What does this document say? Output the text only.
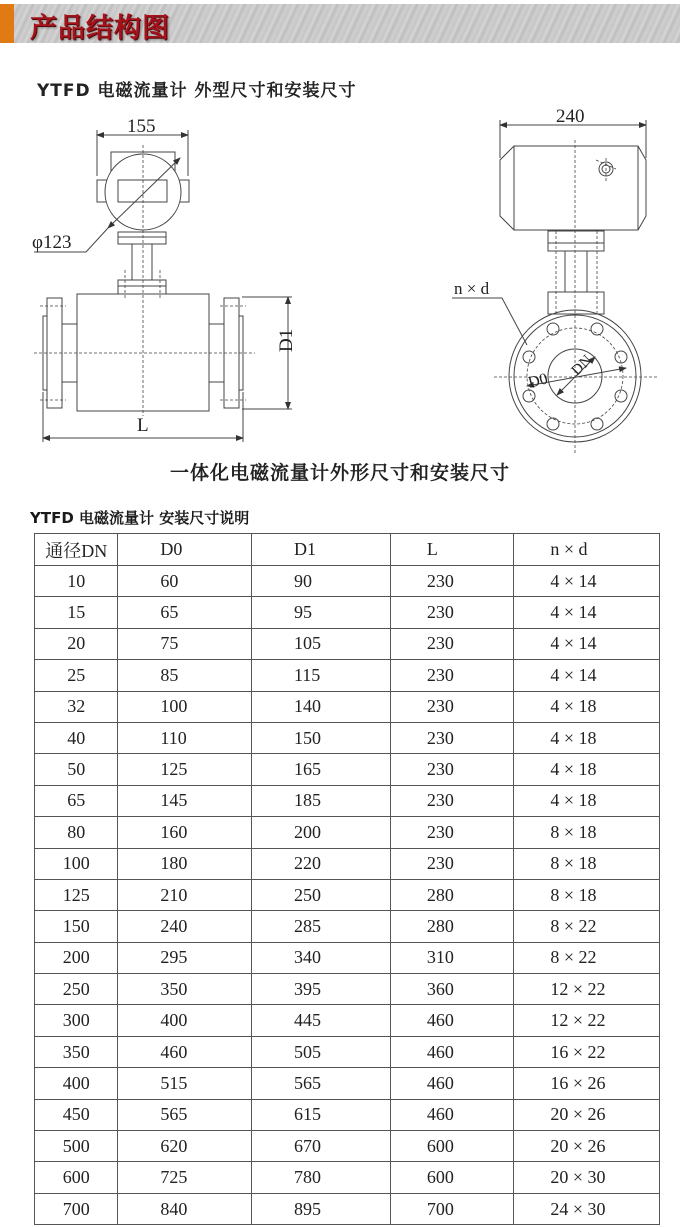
产品结构图
YTFD 电磁流量计 外型尺寸和安装尺寸
155
φ123
D1
L
240
n × d
D0
DN
一体化电磁流量计外形尺寸和安装尺寸
YTFD 电磁流量计 安装尺寸说明
通径DN	D0	D1	L	n × d
10	60	90	230	4 × 14
15	65	95	230	4 × 14
20	75	105	230	4 × 14
25	85	115	230	4 × 14
32	100	140	230	4 × 18
40	110	150	230	4 × 18
50	125	165	230	4 × 18
65	145	185	230	4 × 18
80	160	200	230	8 × 18
100	180	220	230	8 × 18
125	210	250	280	8 × 18
150	240	285	280	8 × 22
200	295	340	310	8 × 22
250	350	395	360	12 × 22
300	400	445	460	12 × 22
350	460	505	460	16 × 22
400	515	565	460	16 × 26
450	565	615	460	20 × 26
500	620	670	600	20 × 26
600	725	780	600	20 × 30
700	840	895	700	24 × 30
